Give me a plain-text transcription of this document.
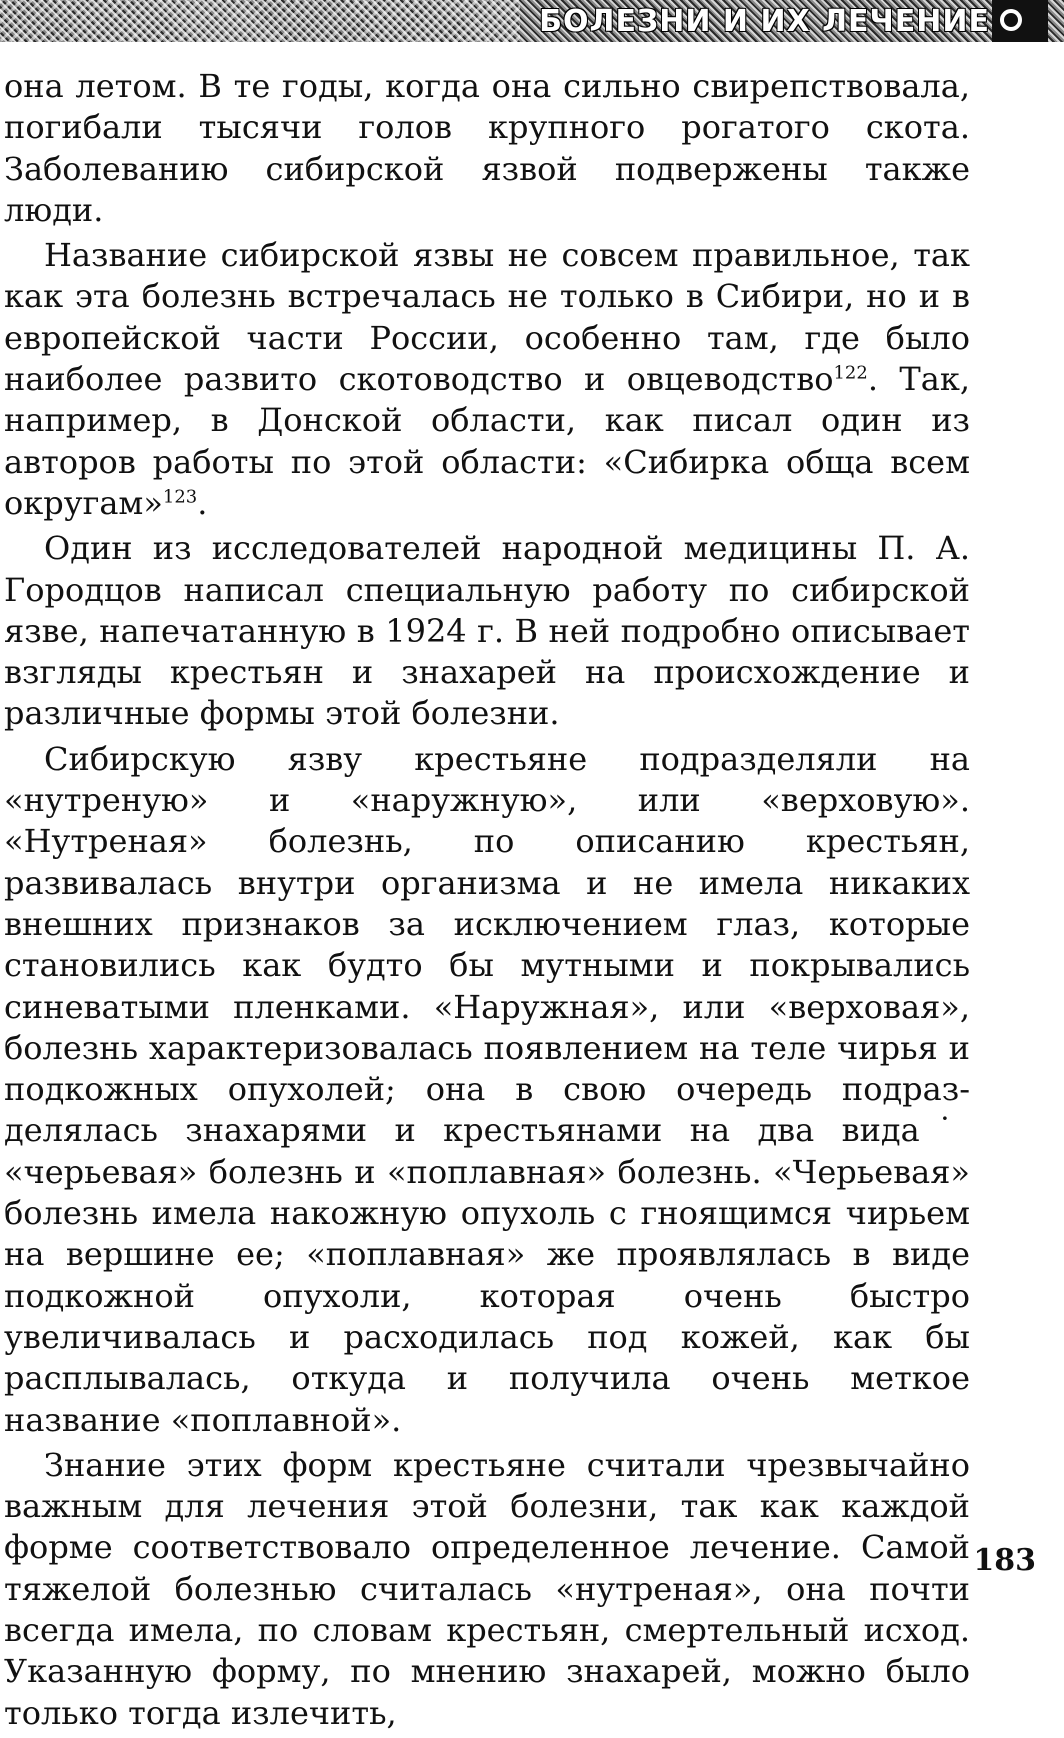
БОЛЕЗНИ И ИХ ЛЕЧЕНИЕ

она летом. В те годы, когда она сильно свирепствовала, погибали тысячи голов крупного рогатого скота. Заболеванию сибирской язвой подвержены также люди.

Название сибирской язвы не совсем правильное, так как эта болезнь встречалась не только в Сибири, но и в европейской части России, особенно там, где было наиболее развито скотоводство и овцеводство$^{122}$. Так, например, в Донской области, как писал один из авторов работы по этой области: «Сибирка обща всем округам»$^{123}$.

Один из исследователей народной медицины П. А. Городцов написал специальную работу по сибирской язве, напечатанную в 1924 г. В ней подробно описывает взгляды крестьян и знахарей на происхождение и различные формы этой болезни.

Сибирскую язву крестьяне подразделяли на «нутреную» и «наружную», или «верховую». «Нутреная» болезнь, по описанию крестьян, развивалась внутри организма и не имела никаких внешних признаков за исключением глаз, которые становились как будто бы мутными и покрывались синеватыми пленками. «Наружная», или «верховая», болезнь характеризовалась появлением на теле чирья и подкожных опухолей; она в свою очередь подразделялась знахарями и крестьянами на два вида˙ «черьевая» болезнь и «поплавная» болезнь. «Черьевая» болезнь имела накожную опухоль с гноящимся чирьем на вершине ее; «поплавная» же проявлялась в виде подкожной опухоли, которая очень быстро увеличивалась и расходилась под кожей, как бы расплывалась, откуда и получила очень меткое название «поплавной».

Знание этих форм крестьяне считали чрезвычайно важным для лечения этой болезни, так как каждой форме соответствовало определенное лечение. Самой тяжелой болезнью считалась «нутреная», она почти всегда имела, по словам крестьян, смертельный исход. Указанную форму, по мнению знахарей, можно было только тогда излечить,

183
